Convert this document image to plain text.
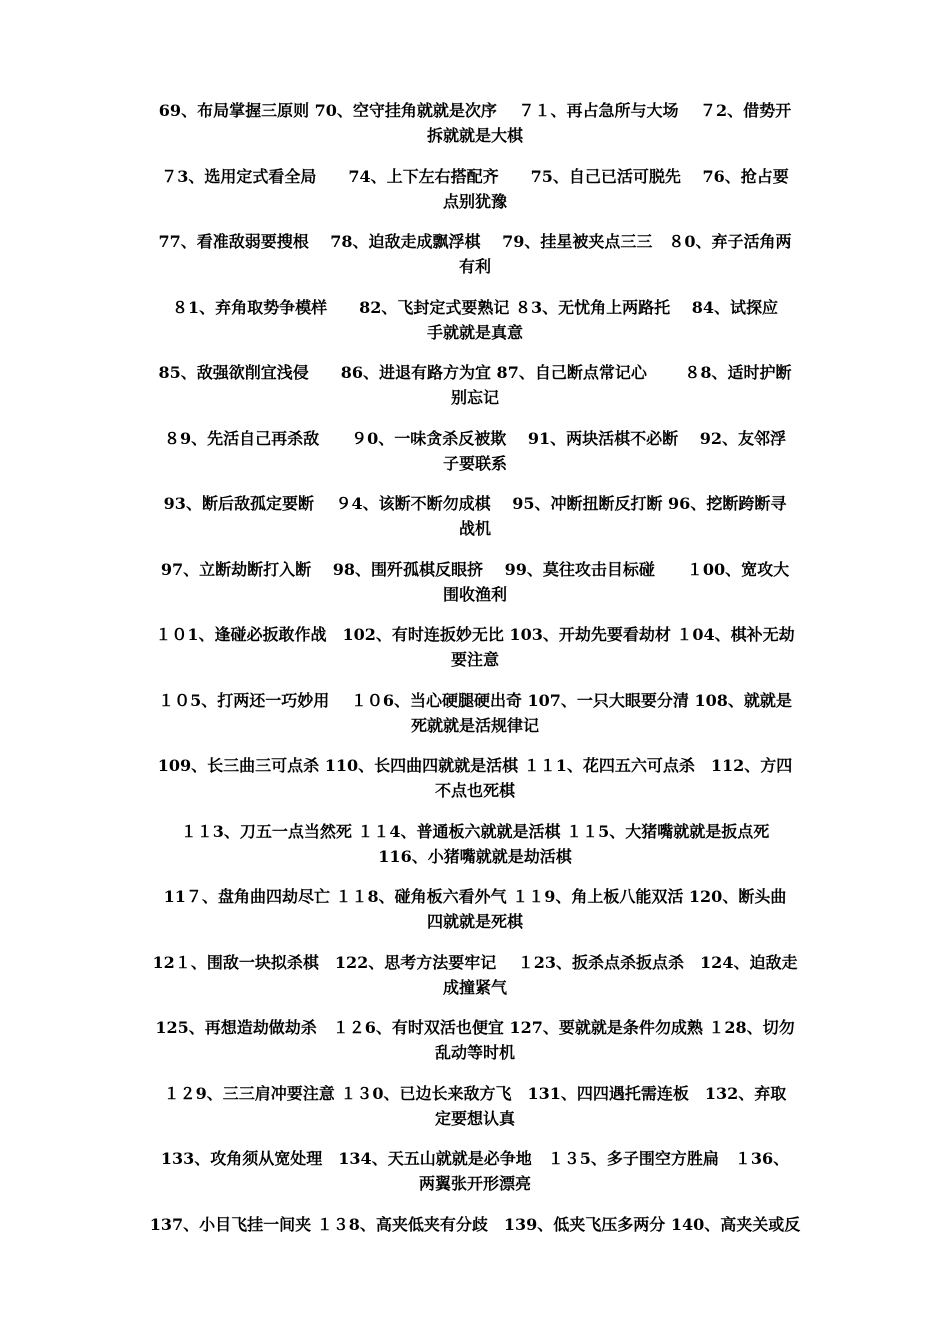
69、布局掌握三原则 70、空守挂角就就是次序　 ７１、再占急所与大场　 ７2、借势开
拆就就是大棋
７3、选用定式看全局　　74、上下左右搭配齐　　75、自己已活可脱先　 76、抢占要
点别犹豫
77、看准敌弱要搜根　 78、迫敌走成飘浮棋　 79、挂星被夹点三三　８0、弃子活角两
有利
８1、弃角取势争模样　　82、飞封定式要熟记 ８3、无忧角上两路托　 84、试探应
手就就是真意
85、敌强欲削宜浅侵　　86、进退有路方为宜 87、自己断点常记心　　 ８8、适时护断
别忘记
８9、先活自己再杀敌　　９0、一味贪杀反被欺　 91、两块活棋不必断　 92、友邻浮
子要联系
93、断后敌孤定要断　 ９4、该断不断勿成棋　 95、冲断扭断反打断 96、挖断跨断寻
战机
97、立断劫断打入断　 98、围歼孤棋反眼挤　 99、莫往攻击目标碰　　１00、宽攻大
围收渔利
１０1、逢碰必扳敢作战　102、有时连扳妙无比 103、开劫先要看劫材 １04、棋补无劫
要注意
１０5、打两还一巧妙用　 １０6、当心硬腿硬出奇 107、一只大眼要分清 108、就就是
死就就是活规律记
109、长三曲三可点杀 110、长四曲四就就是活棋 １１1、花四五六可点杀　112、方四
不点也死棋
１１3、刀五一点当然死 １１4、普通板六就就是活棋 １１5、大猪嘴就就是扳点死
116、小猪嘴就就是劫活棋
11７、盘角曲四劫尽亡 １１8、碰角板六看外气 １１9、角上板八能双活 120、断头曲
四就就是死棋
12１、围敌一块拟杀棋　122、思考方法要牢记　 １23、扳杀点杀扳点杀　124、迫敌走
成撞紧气
125、再想造劫做劫杀　１２6、有时双活也便宜 127、要就就是条件勿成熟 １28、切勿
乱动等时机
１２9、三三肩冲要注意 １３0、已边长来敌方飞　131、四四遇托需连板　132、弃取
定要想认真
133、攻角须从宽处理　134、天五山就就是必争地　１３5、多子围空方胜扁　１36、
两翼张开形漂亮
137、小目飞挂一间夹 １３8、高夹低夹有分歧　139、低夹飞压多两分 140、高夹关或反
